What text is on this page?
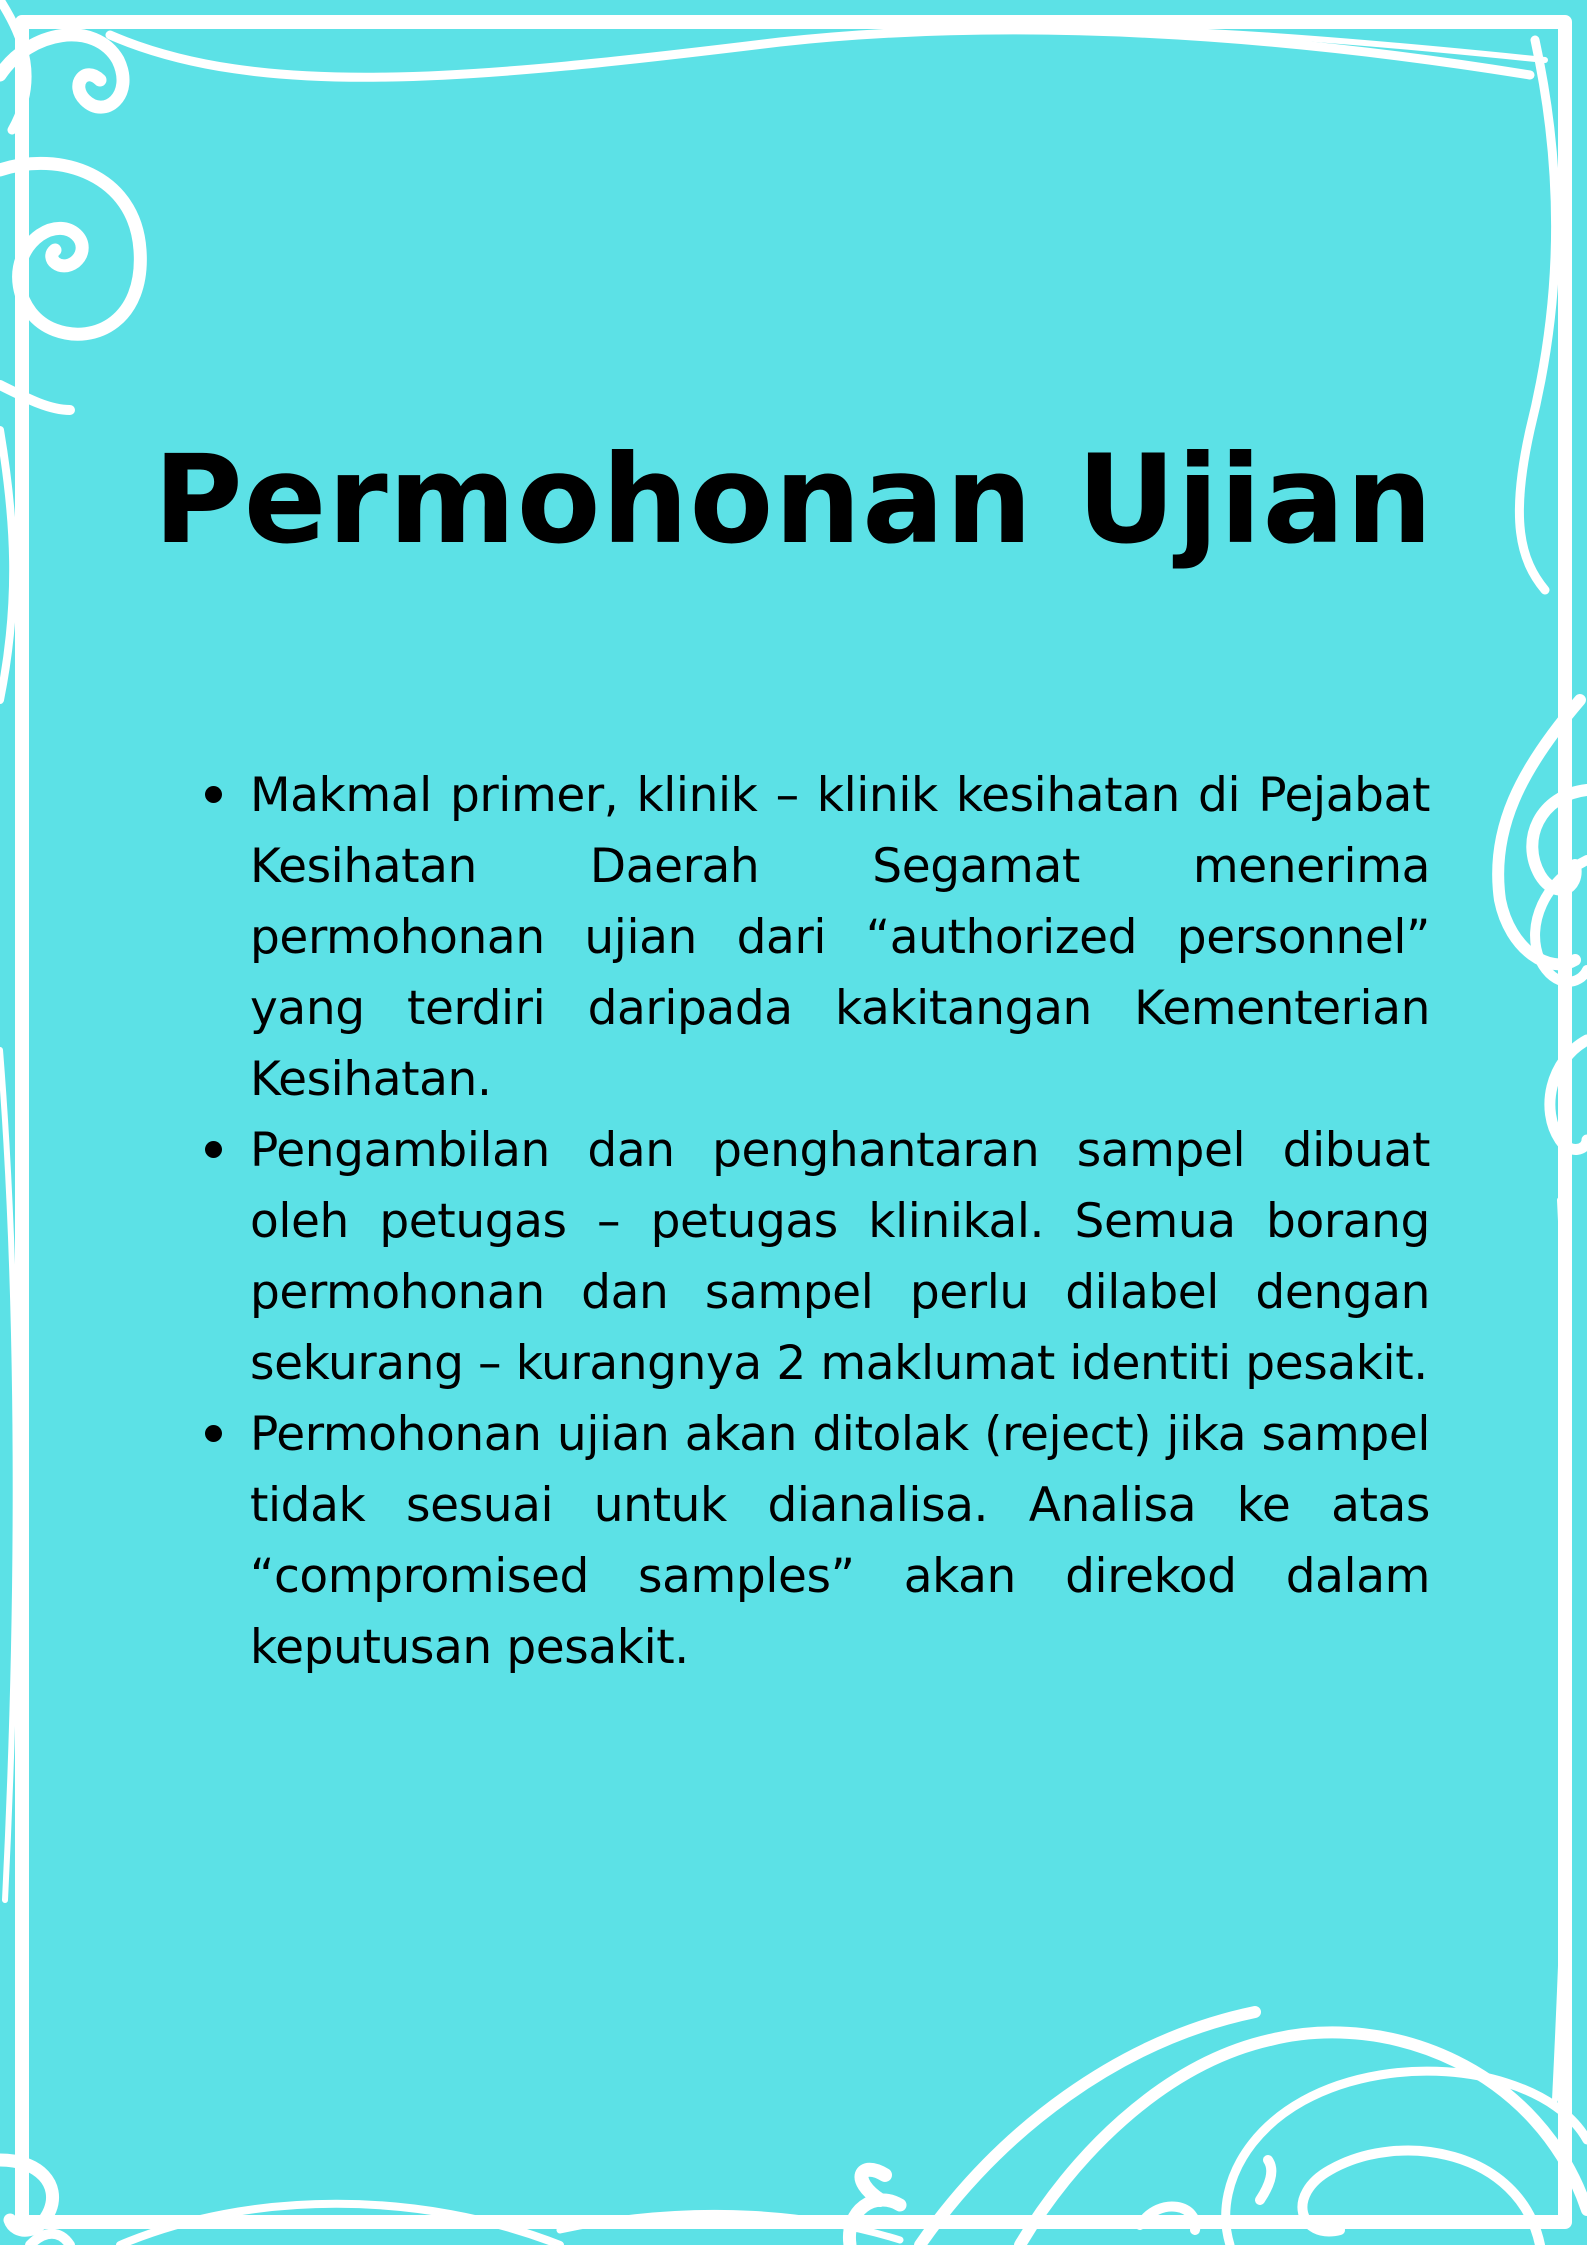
Permohonan Ujian
Makmal primer, klinik – klinik kesihatan di Pejabat Kesihatan Daerah Segamat menerima permohonan ujian dari “authorized personnel” yang terdiri daripada kakitangan Kementerian Kesihatan.
Pengambilan dan penghantaran sampel dibuat oleh petugas – petugas klinikal. Semua borang permohonan dan sampel perlu dilabel dengan sekurang – kurangnya 2 maklumat identiti pesakit.
Permohonan ujian akan ditolak (reject) jika sampel tidak sesuai untuk dianalisa. Analisa ke atas “compromised samples” akan direkod dalam keputusan pesakit.
